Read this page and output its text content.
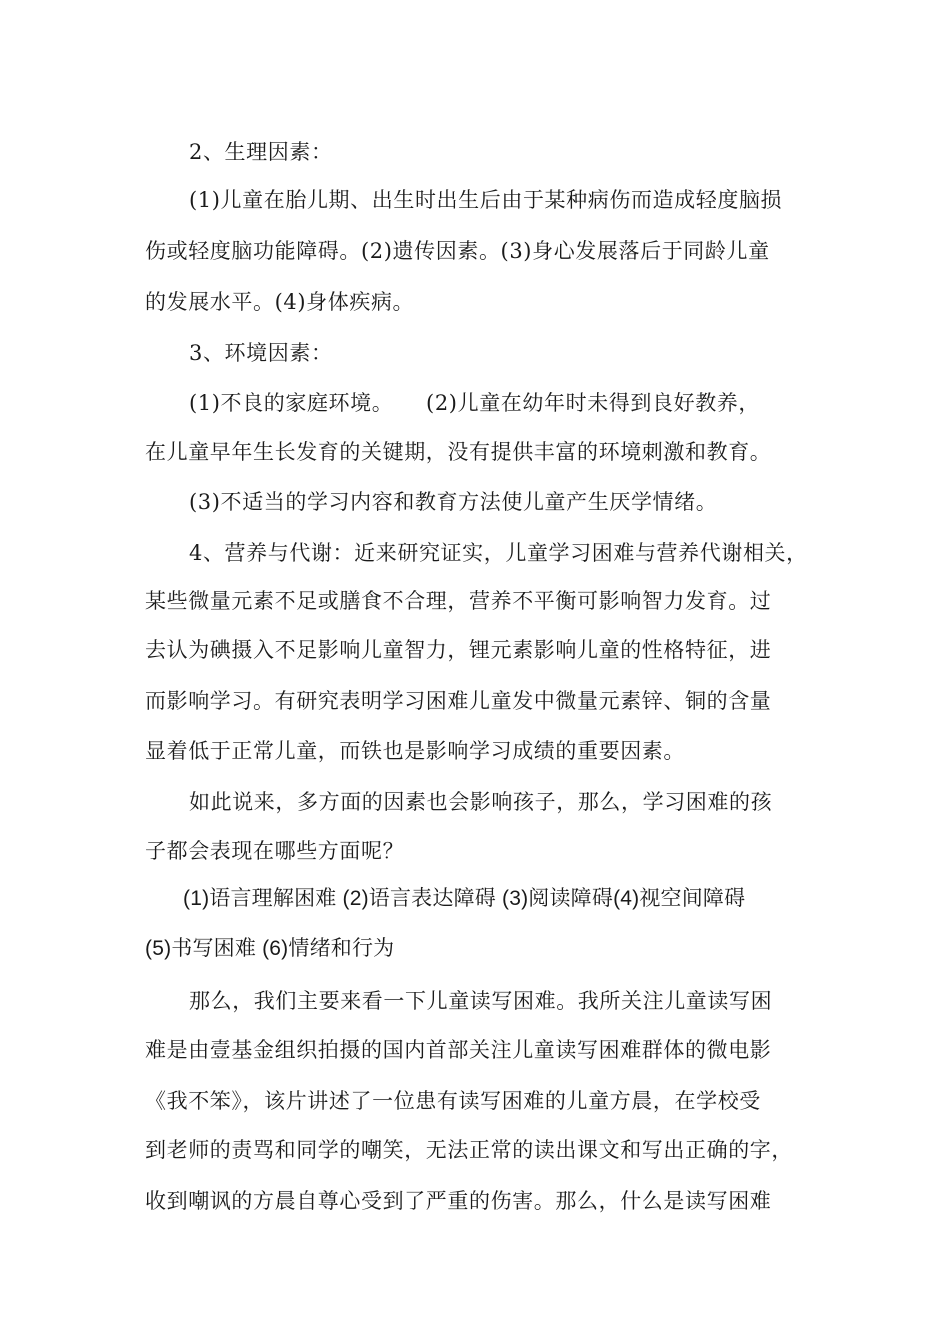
2、生理因素：

(1)儿童在胎儿期、出生时出生后由于某种病伤而造成轻度脑损

伤或轻度脑功能障碍。(2)遗传因素。(3)身心发展落后于同龄儿童

的发展水平。(4)身体疾病。

3、环境因素：

(1)不良的家庭环境。　　(2)儿童在幼年时未得到良好教养，

在儿童早年生长发育的关键期，没有提供丰富的环境刺激和教育。

(3)不适当的学习内容和教育方法使儿童产生厌学情绪。

4、营养与代谢：近来研究证实，儿童学习困难与营养代谢相关，

某些微量元素不足或膳食不合理，营养不平衡可影响智力发育。过

去认为碘摄入不足影响儿童智力，锂元素影响儿童的性格特征，进

而影响学习。有研究表明学习困难儿童发中微量元素锌、铜的含量

显着低于正常儿童，而铁也是影响学习成绩的重要因素。

如此说来，多方面的因素也会影响孩子，那么，学习困难的孩

子都会表现在哪些方面呢？

(1)语言理解困难 (2)语言表达障碍 (3)阅读障碍(4)视空间障碍

(5)书写困难 (6)情绪和行为

那么，我们主要来看一下儿童读写困难。我所关注儿童读写困

难是由壹基金组织拍摄的国内首部关注儿童读写困难群体的微电影

《我不笨》，该片讲述了一位患有读写困难的儿童方晨，在学校受

到老师的责骂和同学的嘲笑，无法正常的读出课文和写出正确的字，

收到嘲讽的方晨自尊心受到了严重的伤害。那么，什么是读写困难
